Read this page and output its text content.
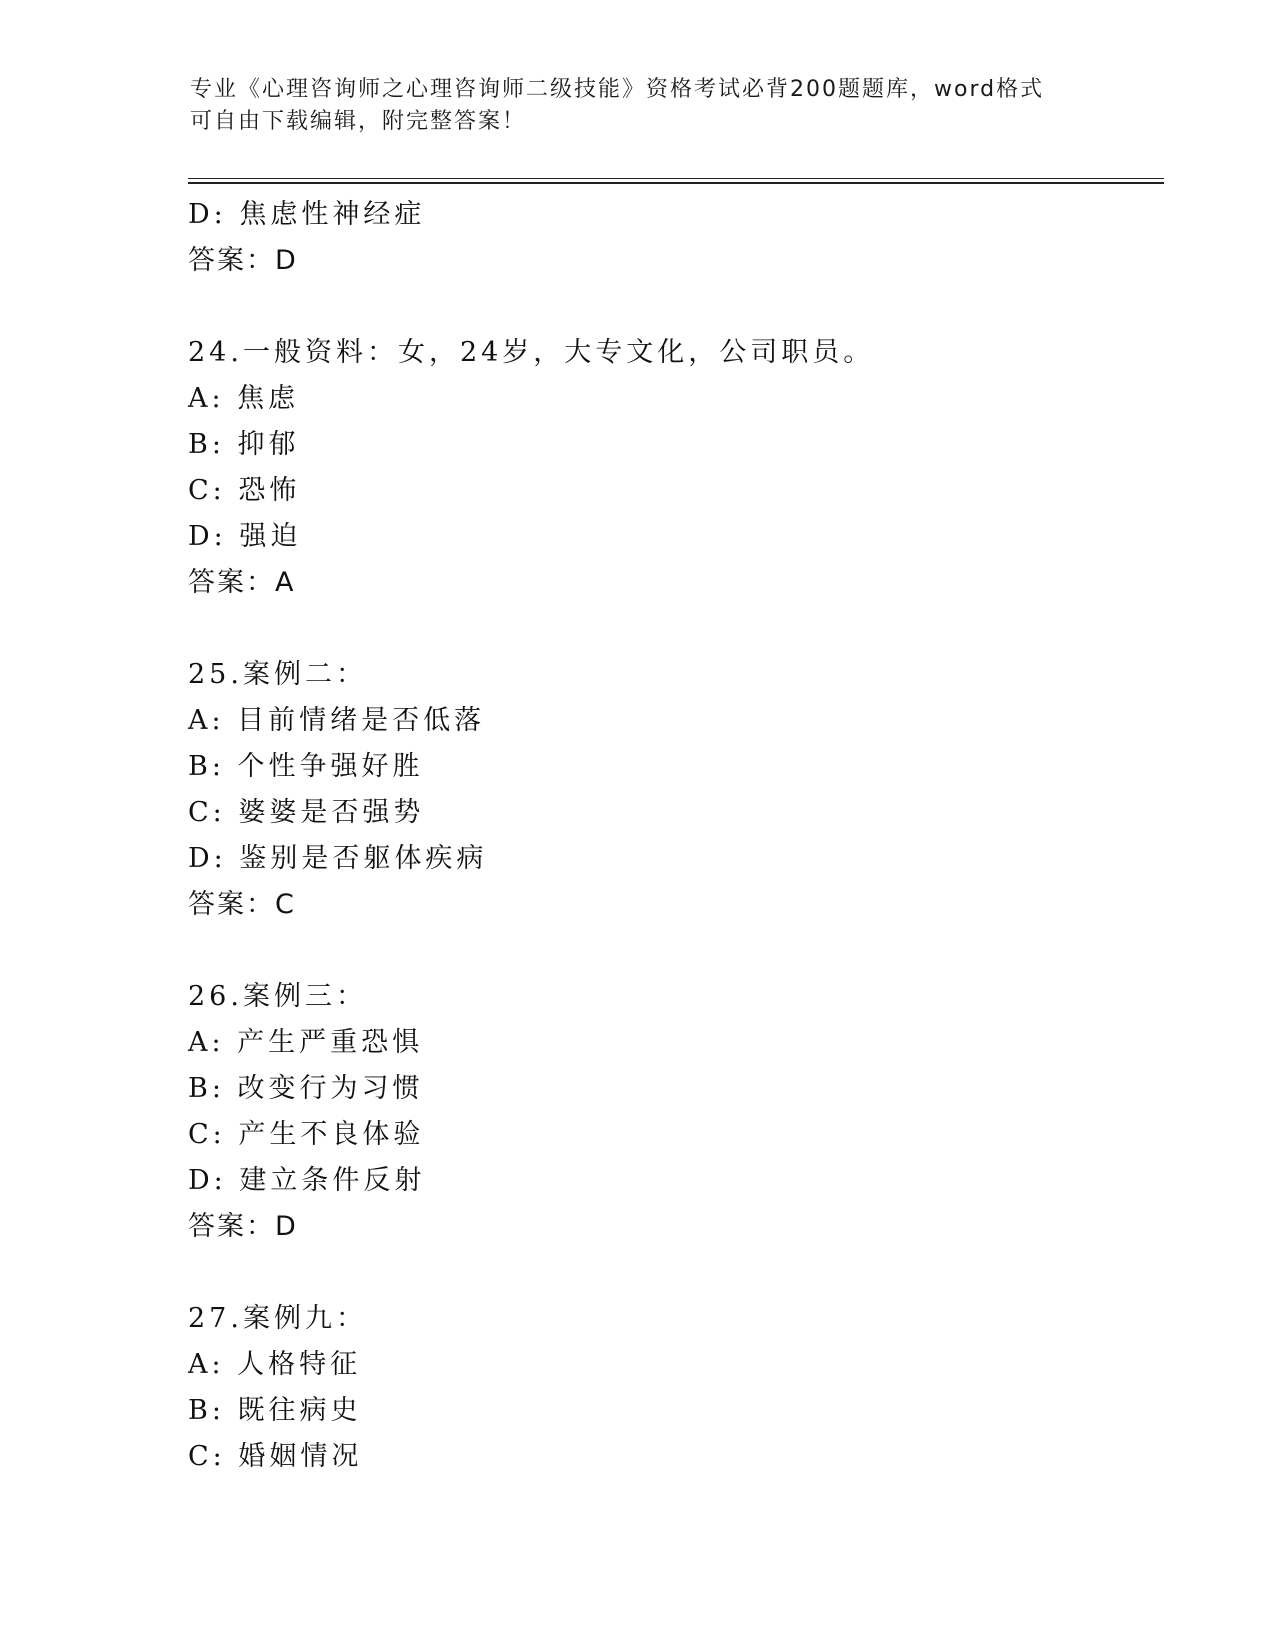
专业《心理咨询师之心理咨询师二级技能》资格考试必背200题题库，word格式
可自由下载编辑，附完整答案！
D: 焦虑性神经症
答案：D
24.一般资料：女，24岁，大专文化，公司职员。
A: 焦虑
B: 抑郁
C: 恐怖
D: 强迫
答案：A
25.案例二：
A: 目前情绪是否低落
B: 个性争强好胜
C: 婆婆是否强势
D: 鉴别是否躯体疾病
答案：C
26.案例三：
A: 产生严重恐惧
B: 改变行为习惯
C: 产生不良体验
D: 建立条件反射
答案：D
27.案例九：
A: 人格特征
B: 既往病史
C: 婚姻情况
